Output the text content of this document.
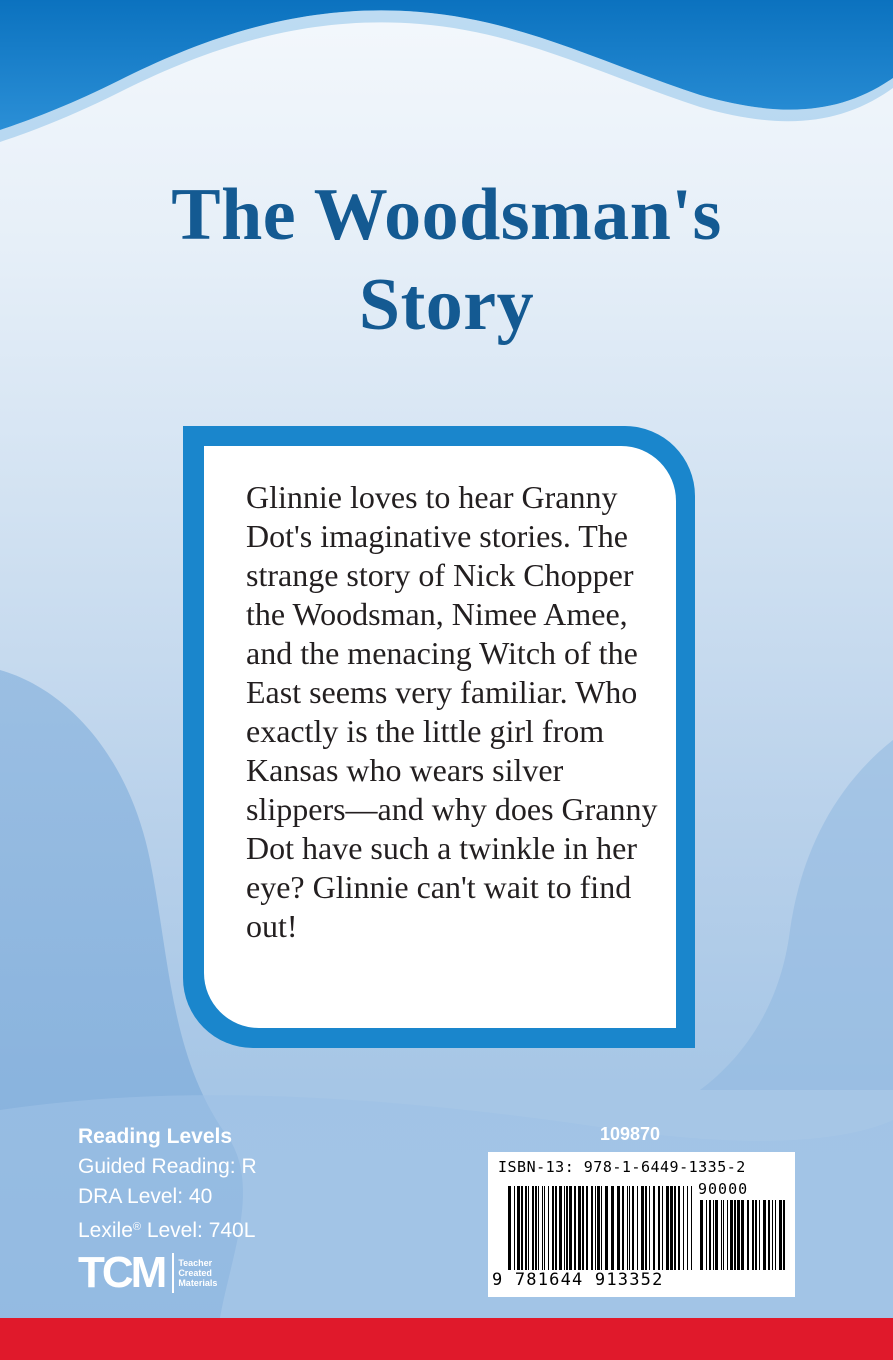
The Woodsman's
Story

Glinnie loves to hear Granny Dot's imaginative stories. The strange story of Nick Chopper the Woodsman, Nimee Amee, and the menacing Witch of the East seems very familiar. Who exactly is the little girl from Kansas who wears silver slippers—and why does Granny Dot have such a twinkle in her eye? Glinnie can't wait to find out!

Reading Levels
Guided Reading: R
DRA Level: 40
Lexile® Level: 740L
TCM Teacher
Created
Materials
109870
ISBN-13: 978-1-6449-1335-2
90000
9 781644 913352
